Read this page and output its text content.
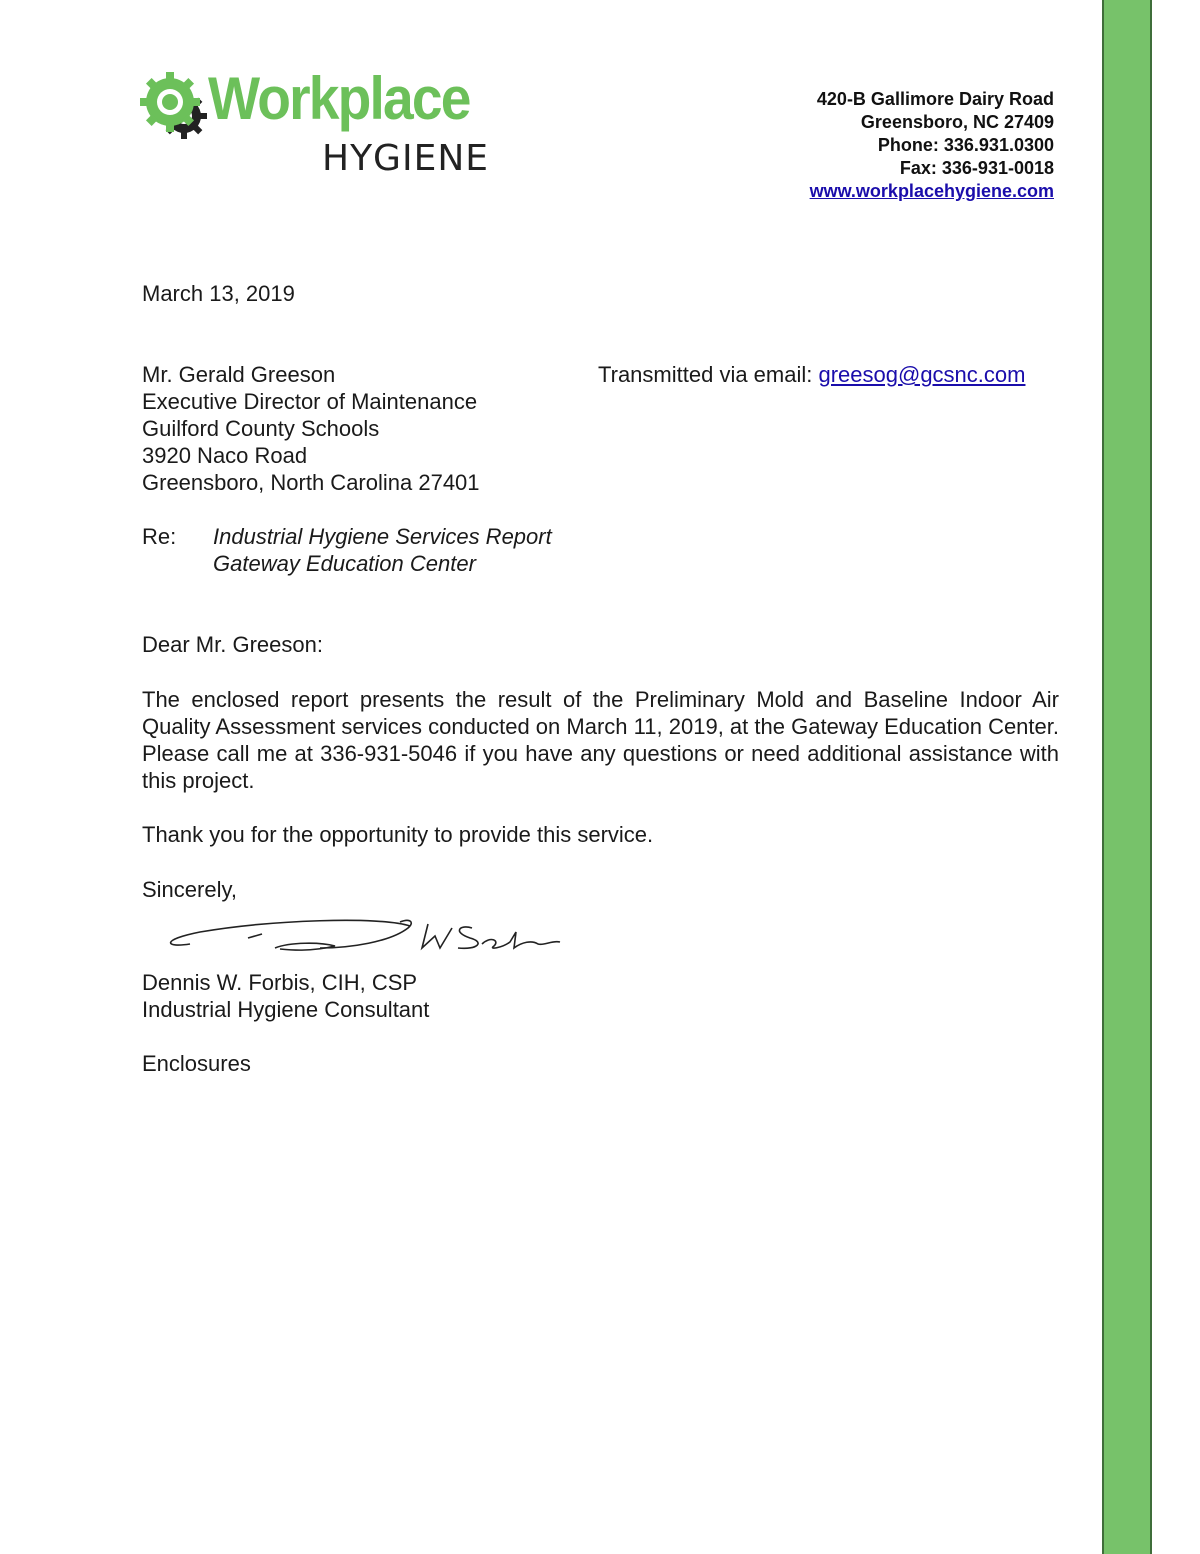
Workplace
HYGIENE
420-B Gallimore Dairy Road
Greensboro, NC 27409
Phone: 336.931.0300
Fax: 336-931-0018
www.workplacehygiene.com
March 13, 2019
Mr. Gerald Greeson
Executive Director of Maintenance
Guilford County Schools
3920 Naco Road
Greensboro, North Carolina 27401
Transmitted via email: greesog@gcsnc.com
Re: Industrial Hygiene Services Report
Gateway Education Center
Dear Mr. Greeson:
The enclosed report presents the result of the Preliminary Mold and Baseline Indoor Air Quality Assessment services conducted on March 11, 2019, at the Gateway Education Center. Please call me at 336-931-5046 if you have any questions or need additional assistance with this project.
Thank you for the opportunity to provide this service.
Sincerely,
Dennis W. Forbis, CIH, CSP
Industrial Hygiene Consultant
Enclosures
